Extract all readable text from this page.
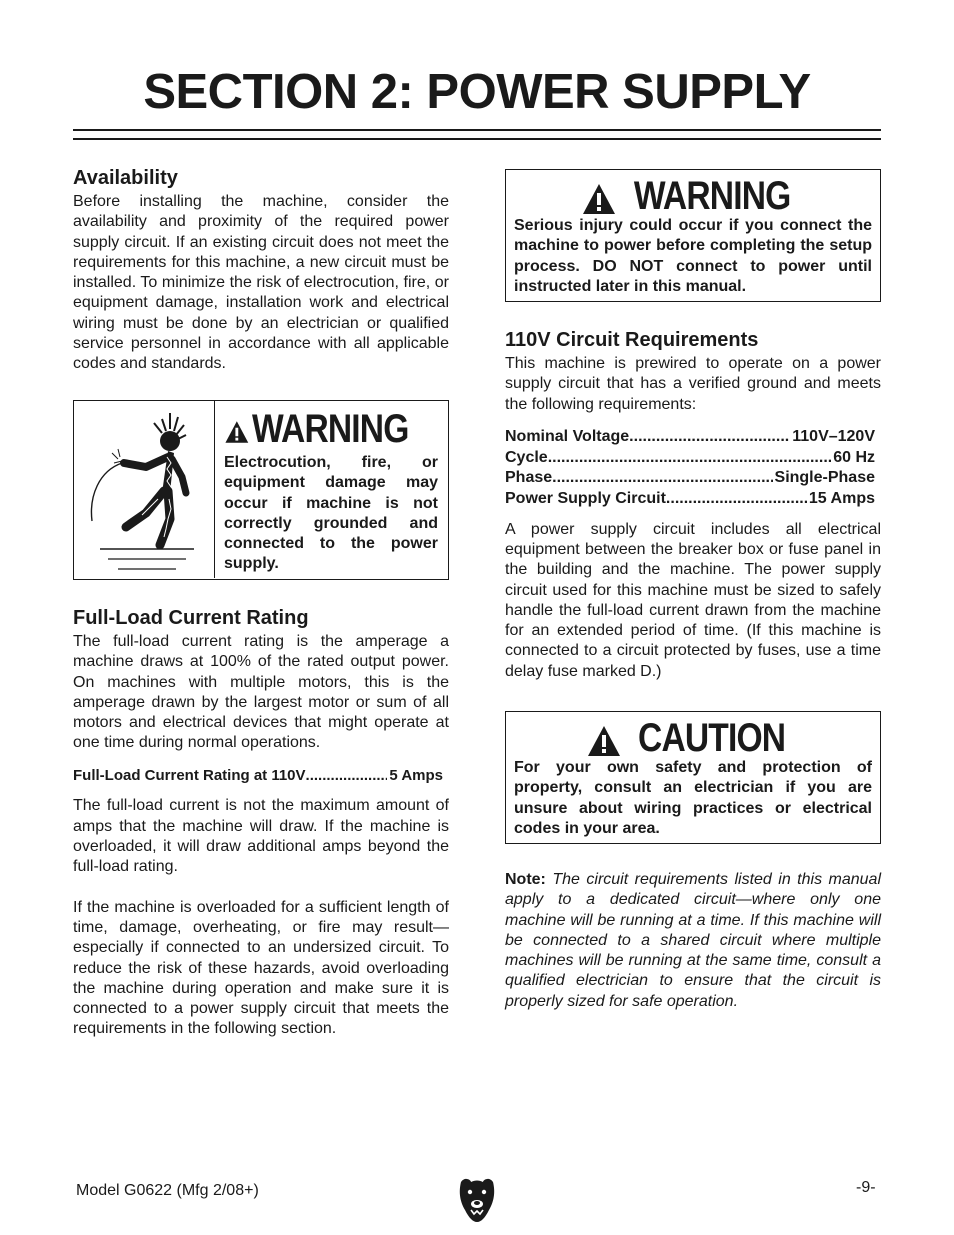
SECTION 2: POWER SUPPLY
Availability

Before installing the machine, consider the availability and proximity of the required power supply circuit. If an existing circuit does not meet the requirements for this machine, a new circuit must be installed. To minimize the risk of electrocution, fire, or equipment damage, installation work and electrical wiring must be done by an electrician or qualified service personnel in accordance with all applicable codes and standards.

WARNING
Electrocution, fire, or equipment damage may occur if machine is not correctly grounded and connected to the power supply.
Full-Load Current Rating

The full-load current rating is the amperage a machine draws at 100% of the rated output power. On machines with multiple motors, this is the amperage drawn by the largest motor or sum of all motors and electrical devices that might operate at one time during normal operations.

Full-Load Current Rating at 110V .....	5 Amps

The full-load current is not the maximum amount of amps that the machine will draw. If the machine is overloaded, it will draw additional amps beyond the full-load rating.

If the machine is overloaded for a sufficient length of time, damage, overheating, or fire may result—especially if connected to an undersized circuit. To reduce the risk of these hazards, avoid overloading the machine during operation and make sure it is connected to a power supply circuit that meets the requirements in the following section.

WARNING
Serious injury could occur if you connect the machine to power before completing the setup process. DO NOT connect to power until instructed later in this manual.
110V Circuit Requirements

This machine is prewired to operate on a power supply circuit that has a verified ground and meets the following requirements:

Nominal Voltage .....	110V–120V
Cycle .....	60 Hz
Phase .....	Single-Phase
Power Supply Circuit .....	15 Amps

A power supply circuit includes all electrical equipment between the breaker box or fuse panel in the building and the machine. The power supply circuit used for this machine must be sized to safely handle the full-load current drawn from the machine for an extended period of time. (If this machine is connected to a circuit protected by fuses, use a time delay fuse marked D.)

CAUTION
For your own safety and protection of property, consult an electrician if you are unsure about wiring practices or electrical codes in your area.

Note: The circuit requirements listed in this manual apply to a dedicated circuit—where only one machine will be running at a time. If this machine will be connected to a shared circuit where multiple machines will be running at the same time, consult a qualified electrician to ensure that the circuit is properly sized for safe operation.

Model G0622 (Mfg 2/08+)	-9-
